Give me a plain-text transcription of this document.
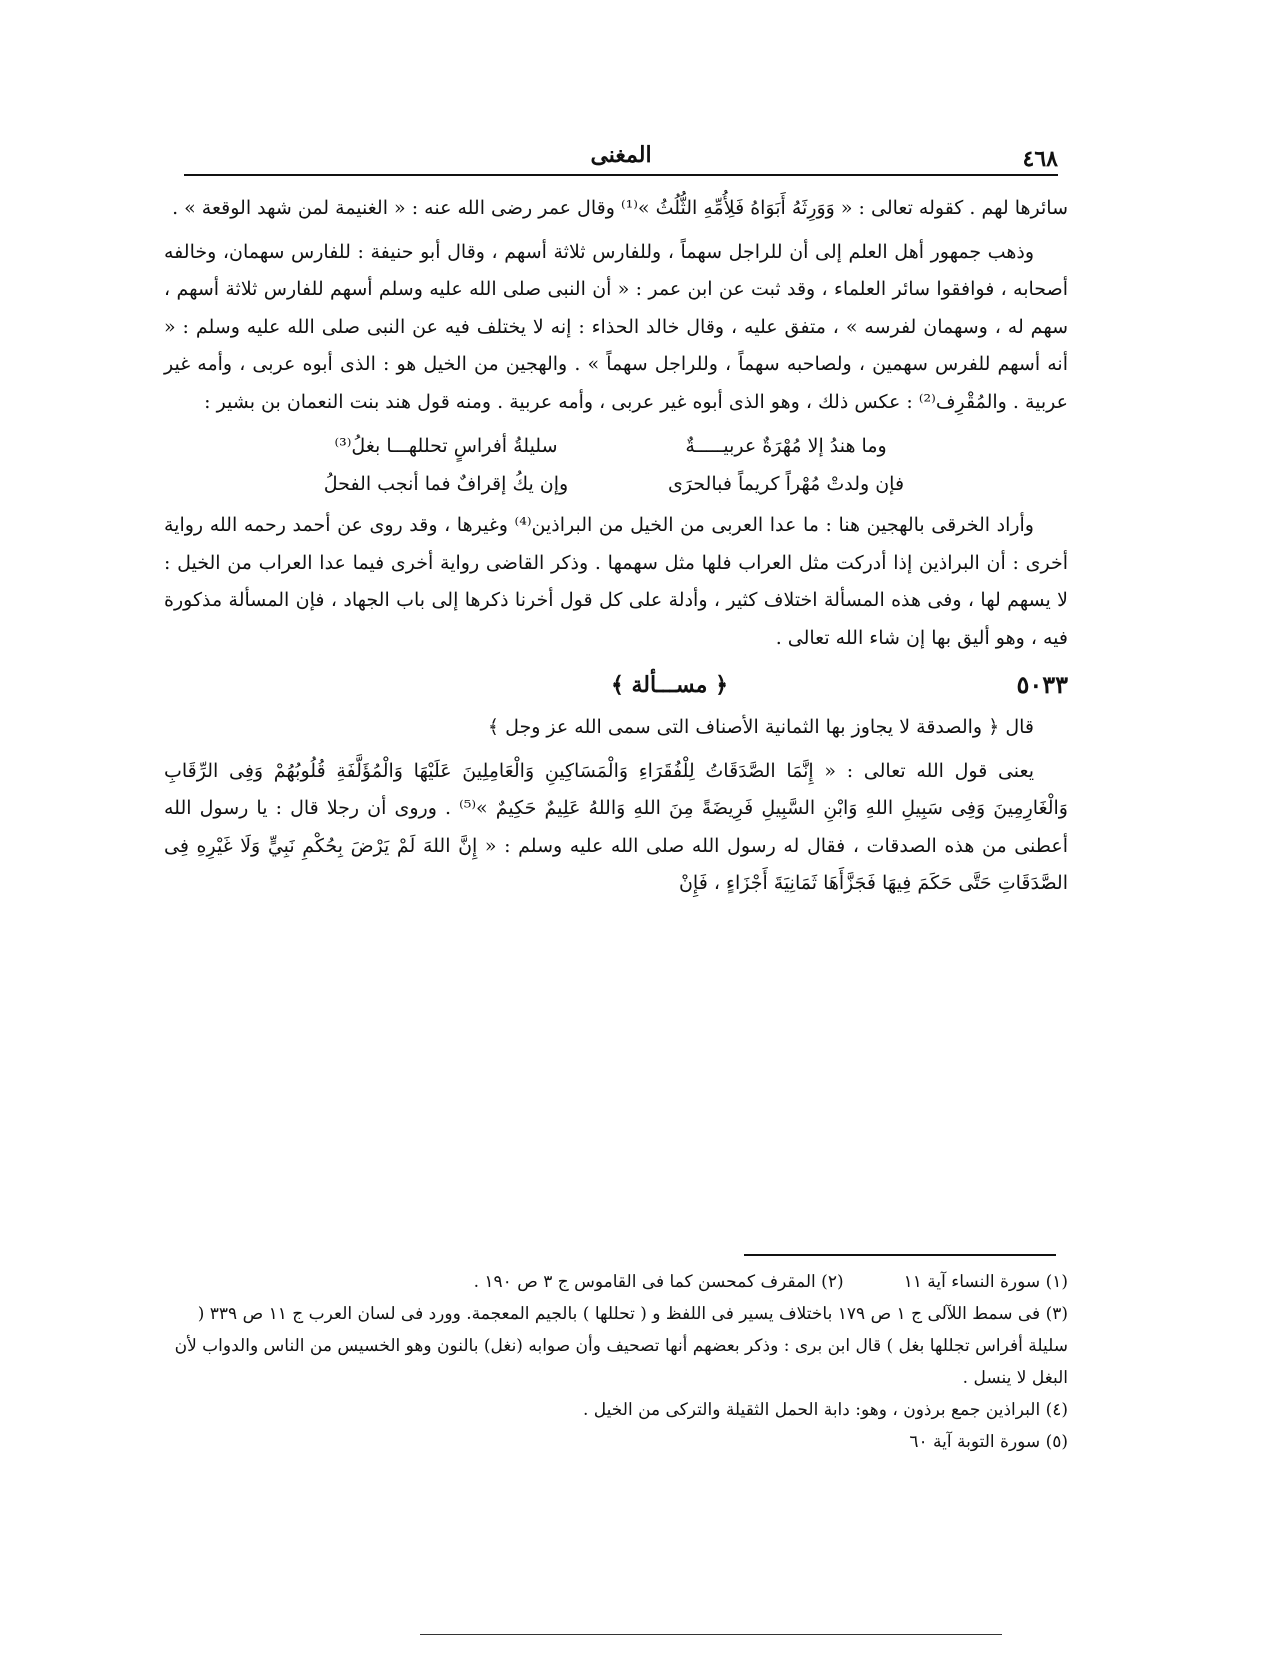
٤٦٨
المغنى

سائرها لهم . كقوله تعالى : « وَوَرِثَهُ أَبَوَاهُ فَلِأُمِّهِ الثُّلُثُ »⁽¹⁾ وقال عمر رضى الله عنه : « الغنيمة لمن شهد الوقعة » .

وذهب جمهور أهل العلم إلى أن للراجل سهماً ، وللفارس ثلاثة أسهم ، وقال أبو حنيفة : للفارس سهمان، وخالفه أصحابه ، فوافقوا سائر العلماء ، وقد ثبت عن ابن عمر : « أن النبى صلى الله عليه وسلم أسهم للفارس ثلاثة أسهم ، سهم له ، وسهمان لفرسه » ، متفق عليه ، وقال خالد الحذاء : إنه لا يختلف فيه عن النبى صلى الله عليه وسلم : « أنه أسهم للفرس سهمين ، ولصاحبه سهماً ، وللراجل سهماً » . والهجين من الخيل هو : الذى أبوه عربى ، وأمه غير عربية . والمُقْرِف⁽²⁾ : عكس ذلك ، وهو الذى أبوه غير عربى ، وأمه عربية . ومنه قول هند بنت النعمان بن بشير :

وما هندُ إلا مُهْرَةٌ عربيـــــةٌ
سليلةُ أفراسٍ تحللهـــا بغلُ⁽³⁾
فإن ولدتْ مُهْراً كريماً فبالحرَى
وإن يكُ إقرافٌ فما أنجب الفحلُ

وأراد الخرقى بالهجين هنا : ما عدا العربى من الخيل من البراذين⁽⁴⁾ وغيرها ، وقد روى عن أحمد رحمه الله رواية أخرى : أن البراذين إذا أدركت مثل العراب فلها مثل سهمها . وذكر القاضى رواية أخرى فيما عدا العراب من الخيل : لا يسهم لها ، وفى هذه المسألة اختلاف كثير ، وأدلة على كل قول أخرنا ذكرها إلى باب الجهاد ، فإن المسألة مذكورة فيه ، وهو أليق بها إن شاء الله تعالى .

٥٠٣٣
﴿ مســـألة ﴾

قال ﴿ والصدقة لا يجاوز بها الثمانية الأصناف التى سمى الله عز وجل ﴾

يعنى قول الله تعالى : « إِنَّمَا الصَّدَقَاتُ لِلْفُقَرَاءِ وَالْمَسَاكِينِ وَالْعَامِلِينَ عَلَيْهَا وَالْمُؤَلَّفَةِ قُلُوبُهُمْ وَفِى الرِّقَابِ وَالْغَارِمِينَ وَفِى سَبِيلِ اللهِ وَابْنِ السَّبِيلِ فَرِيضَةً مِنَ اللهِ وَاللهُ عَلِيمٌ حَكِيمٌ »⁽⁵⁾ . وروى أن رجلا قال : يا رسول الله أعطنى من هذه الصدقات ، فقال له رسول الله صلى الله عليه وسلم : « إِنَّ اللهَ لَمْ يَرْضَ بِحُكْمِ نَبِيٍّ وَلَا غَيْرِهِ فِى الصَّدَقَاتِ حَتَّى حَكَمَ فِيهَا فَجَزَّأَهَا ثَمَانِيَةَ أَجْزَاءٍ ، فَإِنْ

(١) سورة النساء آية ١١
(٢) المقرف كمحسن كما فى القاموس ج ٣ ص ١٩٠ .

(٣) فى سمط اللآلى ج ١ ص ١٧٩ باختلاف يسير فى اللفظ و ( تحللها ) بالجيم المعجمة. وورد فى لسان العرب ج ١١ ص ٣٣٩ ( سليلة أفراس تجللها بغل ) قال ابن برى : وذكر بعضهم أنها تصحيف وأن صوابه (نغل) بالنون وهو الخسيس من الناس والدواب لأن البغل لا ينسل .

(٤) البراذين جمع برذون ، وهو: دابة الحمل الثقيلة والترکى من الخيل .

(٥) سورة التوبة آية ٦٠
